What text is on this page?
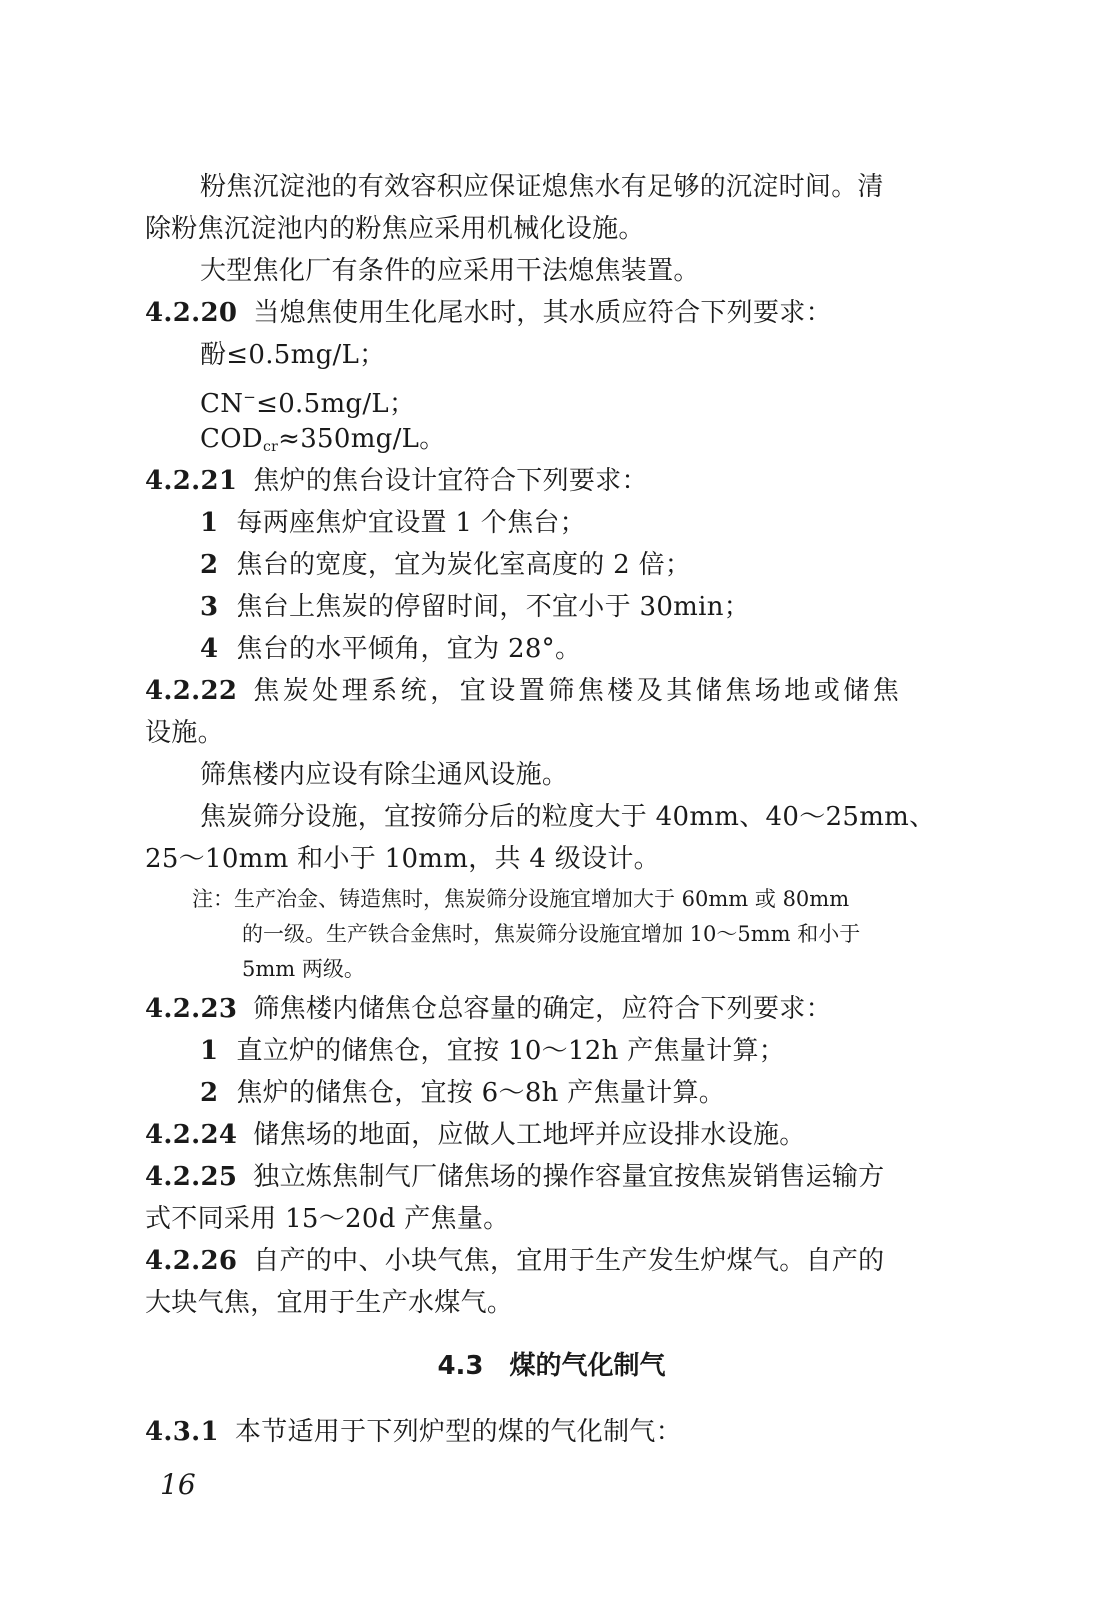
粉焦沉淀池的有效容积应保证熄焦水有足够的沉淀时间。清
除粉焦沉淀池内的粉焦应采用机械化设施。
大型焦化厂有条件的应采用干法熄焦装置。
4.2.20 当熄焦使用生化尾水时，其水质应符合下列要求：
酚≤0.5mg/L；
CN−≤0.5mg/L；
$COD_{cr}\approx 350mg/L$。
4.2.21 焦炉的焦台设计宜符合下列要求：
1 每两座焦炉宜设置 1 个焦台；
2 焦台的宽度，宜为炭化室高度的 2 倍；
3 焦台上焦炭的停留时间，不宜小于 30min；
4 焦台的水平倾角，宜为 28°。
4.2.22 焦炭处理系统，宜设置筛焦楼及其储焦场地或储焦
设施。
筛焦楼内应设有除尘通风设施。
焦炭筛分设施，宜按筛分后的粒度大于 40mm、40～25mm、
25～10mm 和小于 10mm，共 4 级设计。
注：生产冶金、铸造焦时，焦炭筛分设施宜增加大于 60mm 或 80mm
的一级。生产铁合金焦时，焦炭筛分设施宜增加 10～5mm 和小于
5mm 两级。
4.2.23 筛焦楼内储焦仓总容量的确定，应符合下列要求：
1 直立炉的储焦仓，宜按 10～12h 产焦量计算；
2 焦炉的储焦仓，宜按 6～8h 产焦量计算。
4.2.24 储焦场的地面，应做人工地坪并应设排水设施。
4.2.25 独立炼焦制气厂储焦场的操作容量宜按焦炭销售运输方
式不同采用 15～20d 产焦量。
4.2.26 自产的中、小块气焦，宜用于生产发生炉煤气。自产的
大块气焦，宜用于生产水煤气。
4.3 煤的气化制气
4.3.1 本节适用于下列炉型的煤的气化制气：
16
